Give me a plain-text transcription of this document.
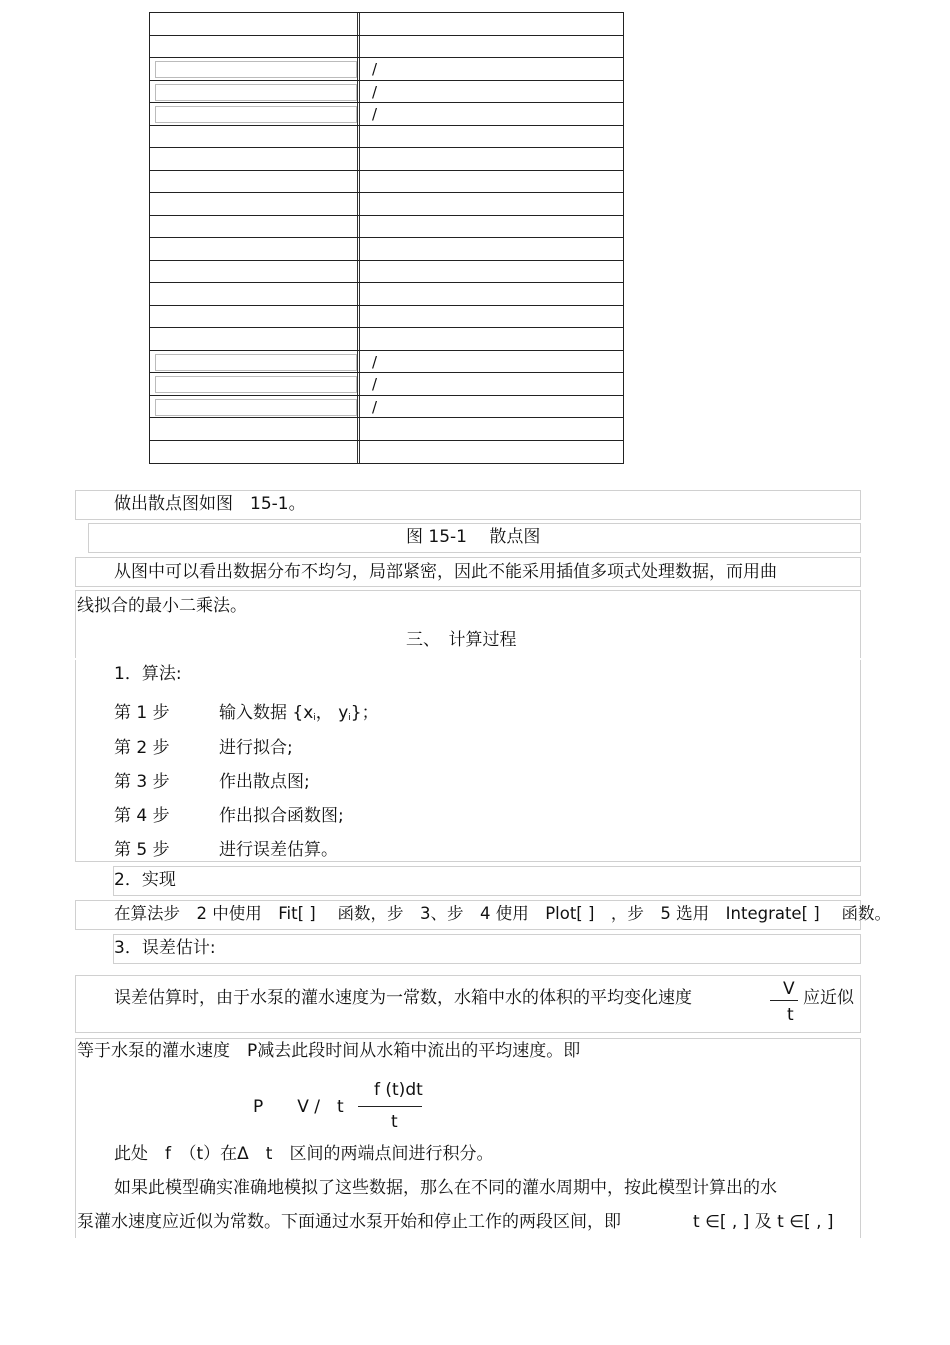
/
/
/
/
/
/
做出散点图如图　15-1。
图 15-1　 散点图
从图中可以看出数据分布不均匀，局部紧密，因此不能采用插值多项式处理数据，而用曲
线拟合的最小二乘法。
三、　计算过程
1．算法:
第 1 步	输入数据 {$x_i$， $y_i$}；
第 2 步	进行拟合;
第 3 步	作出散点图;
第 4 步	作出拟合函数图;
第 5 步	进行误差估算。
2．实现
在算法步　2 中使用　Fit[ ]　 函数，步　3、步　4 使用　Plot[ ]　，步　5 选用　Integrate[ ]　 函数。
3．误差估计:
误差估算时，由于水泵的灌水速度为一常数，水箱中水的体积的平均变化速度	V
t
应近似
等于水泵的灌水速度　P减去此段时间从水箱中流出的平均速度。即
P　　V /　t
f (t)dt
t
此处　f　（t）在Δ　t　区间的两端点间进行积分。
如果此模型确实准确地模拟了这些数据，那么在不同的灌水周期中，按此模型计算出的水
泵灌水速度应近似为常数。下面通过水泵开始和停止工作的两段区间，即	t ∈[ , ] 及 t ∈[ , ]
